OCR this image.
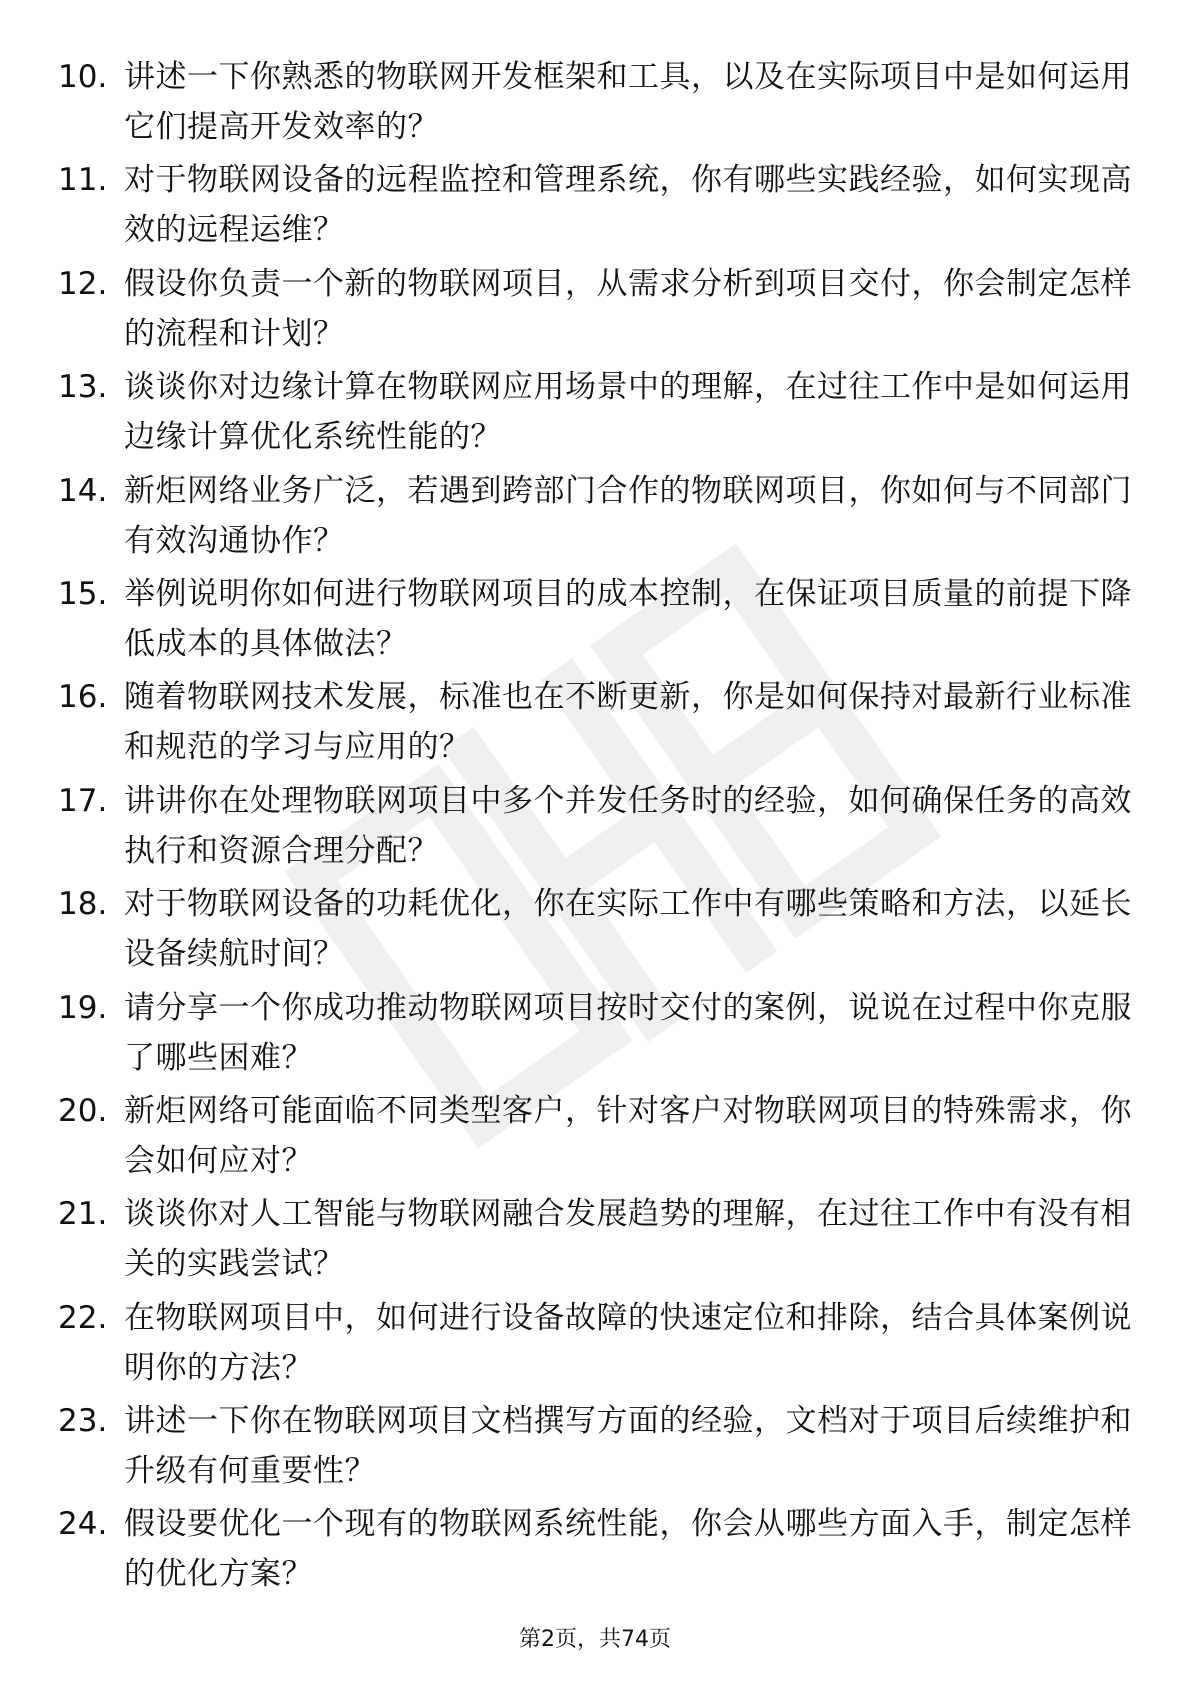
10. 讲述一下你熟悉的物联网开发框架和工具，以及在实际项目中是如何运用它们提高开发效率的？
11. 对于物联网设备的远程监控和管理系统，你有哪些实践经验，如何实现高效的远程运维？
12. 假设你负责一个新的物联网项目，从需求分析到项目交付，你会制定怎样的流程和计划？
13. 谈谈你对边缘计算在物联网应用场景中的理解，在过往工作中是如何运用边缘计算优化系统性能的？
14. 新炬网络业务广泛，若遇到跨部门合作的物联网项目，你如何与不同部门有效沟通协作？
15. 举例说明你如何进行物联网项目的成本控制，在保证项目质量的前提下降低成本的具体做法？
16. 随着物联网技术发展，标准也在不断更新，你是如何保持对最新行业标准和规范的学习与应用的？
17. 讲讲你在处理物联网项目中多个并发任务时的经验，如何确保任务的高效执行和资源合理分配？
18. 对于物联网设备的功耗优化，你在实际工作中有哪些策略和方法，以延长设备续航时间？
19. 请分享一个你成功推动物联网项目按时交付的案例，说说在过程中你克服了哪些困难？
20. 新炬网络可能面临不同类型客户，针对客户对物联网项目的特殊需求，你会如何应对？
21. 谈谈你对人工智能与物联网融合发展趋势的理解，在过往工作中有没有相关的实践尝试？
22. 在物联网项目中，如何进行设备故障的快速定位和排除，结合具体案例说明你的方法？
23. 讲述一下你在物联网项目文档撰写方面的经验，文档对于项目后续维护和升级有何重要性？
24. 假设要优化一个现有的物联网系统性能，你会从哪些方面入手，制定怎样的优化方案？
第2页，共74页
